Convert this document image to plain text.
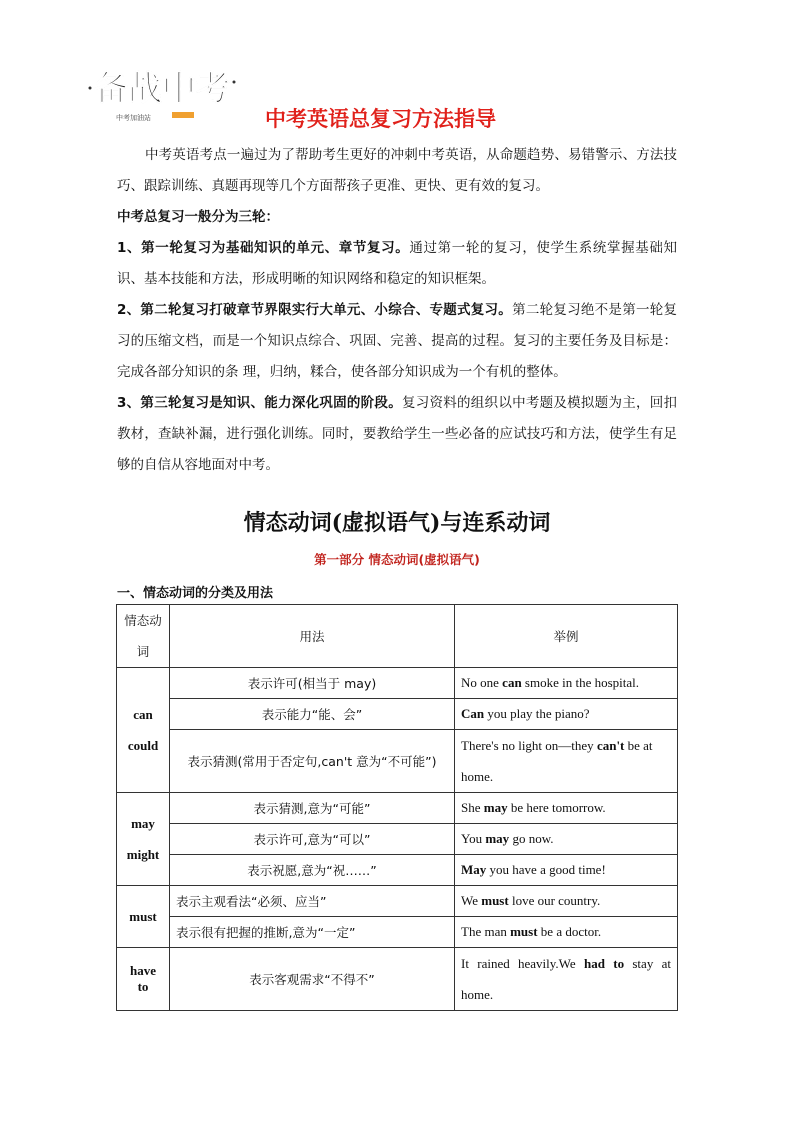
备战中考
中考加油站	中考英语总复习方法指导
中考英语考点一遍过为了帮助考生更好的冲刺中考英语，从命题趋势、易错警示、方法技巧、跟踪训练、真题再现等几个方面帮孩子更准、更快、更有效的复习。
中考总复习一般分为三轮：
1、第一轮复习为基础知识的单元、章节复习。通过第一轮的复习，使学生系统掌握基础知识、基本技能和方法，形成明晰的知识网络和稳定的知识框架。
2、第二轮复习打破章节界限实行大单元、小综合、专题式复习。第二轮复习绝不是第一轮复习的压缩文档，而是一个知识点综合、巩固、完善、提高的过程。复习的主要任务及目标是：完成各部分知识的条 理，归纳，糅合，使各部分知识成为一个有机的整体。
3、第三轮复习是知识、能力深化巩固的阶段。复习资料的组织以中考题及模拟题为主，回扣教材，查缺补漏，进行强化训练。同时，要教给学生一些必备的应试技巧和方法，使学生有足够的自信从容地面对中考。
情态动词(虚拟语气)与连系动词
第一部分 情态动词(虚拟语气)
一、情态动词的分类及用法
情态动词	用法	举例
can could	表示许可(相当于 may)	No one can smoke in the hospital.
	表示能力“能、会”	Can you play the piano?
	表示猜测(常用于否定句,can't 意为“不可能”)	There's no light on—they can't be at home.
may might	表示猜测,意为“可能”	She may be here tomorrow.
	表示许可,意为“可以”	You may go now.
	表示祝愿,意为“祝……”	May you have a good time!
must	表示主观看法“必须、应当”	We must love our country.
	表示很有把握的推断,意为“一定”	The man must be a doctor.
have to	表示客观需求“不得不”	It rained heavily.We had to stay at home.
